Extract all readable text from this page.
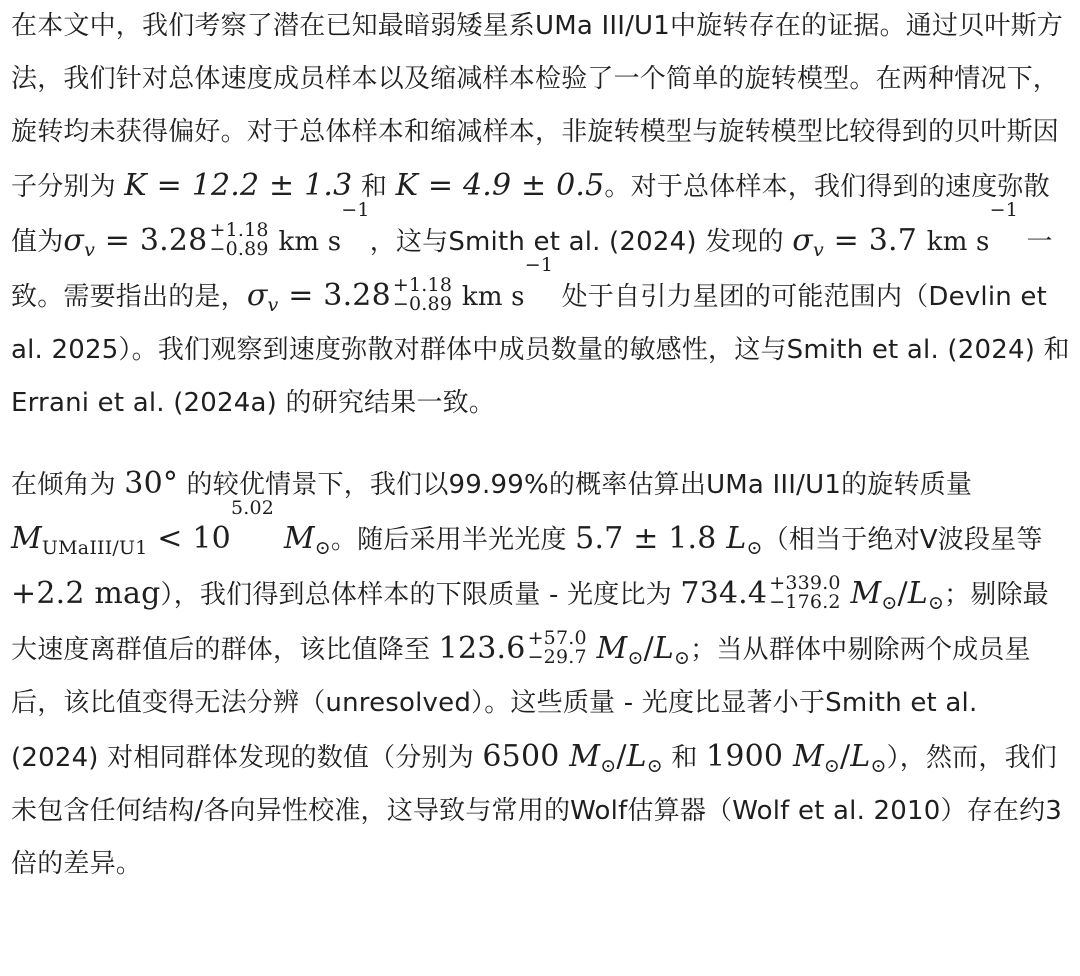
在本文中，我们考察了潜在已知最暗弱矮星系UMa III/U1中旋转存在的证据。通过贝叶斯方法，我们针对总体速度成员样本以及缩减样本检验了一个简单的旋转模型。在两种情况下，旋转均未获得偏好。对于总体样本和缩减样本，非旋转模型与旋转模型比较得到的贝叶斯因子分别为 K = 12.2 ± 1.3 和 K = 4.9 ± 0.5。对于总体样本，我们得到的速度弥散值为$\sigma_v = 3.28 +1.18$
−0.89 km $s^{-1}$，这与Smith et al. (2024) 发现的 $\sigma_v = 3.7$ km $s^{-1}$ 一致。需要指出的是，$\sigma_v = 3.28 +1.18$
−0.89 km $s^{-1}$ 处于自引力星团的可能范围内（Devlin et al. 2025）。我们观察到速度弥散对群体中成员数量的敏感性，这与Smith et al. (2024) 和Errani et al. (2024a) 的研究结果一致。

在倾角为 30° 的较优情景下，我们以99.99%的概率估算出UMa III/U1的旋转质量 $M_{UMaIII/U1} < 10^{5.02}$ $M_⊙$。随后采用半光光度 5.7 ± 1.8 $L_⊙$（相当于绝对V波段星等+2.2 mag），我们得到总体样本的下限质量 - 光度比为 734.4 +339.0
−176.2 $M_⊙/L_⊙$；剔除最大速度离群值后的群体，该比值降至 123.6 +57.0
−29.7 $M_⊙/L_⊙$；当从群体中剔除两个成员星后，该比值变得无法分辨（unresolved）。这些质量 - 光度比显著小于Smith et al. (2024) 对相同群体发现的数值（分别为 6500 $M_⊙/L_⊙$ 和 1900 $M_⊙/L_⊙$），然而，我们未包含任何结构/各向异性校准，这导致与常用的Wolf估算器（Wolf et al. 2010）存在约3倍的差异。
